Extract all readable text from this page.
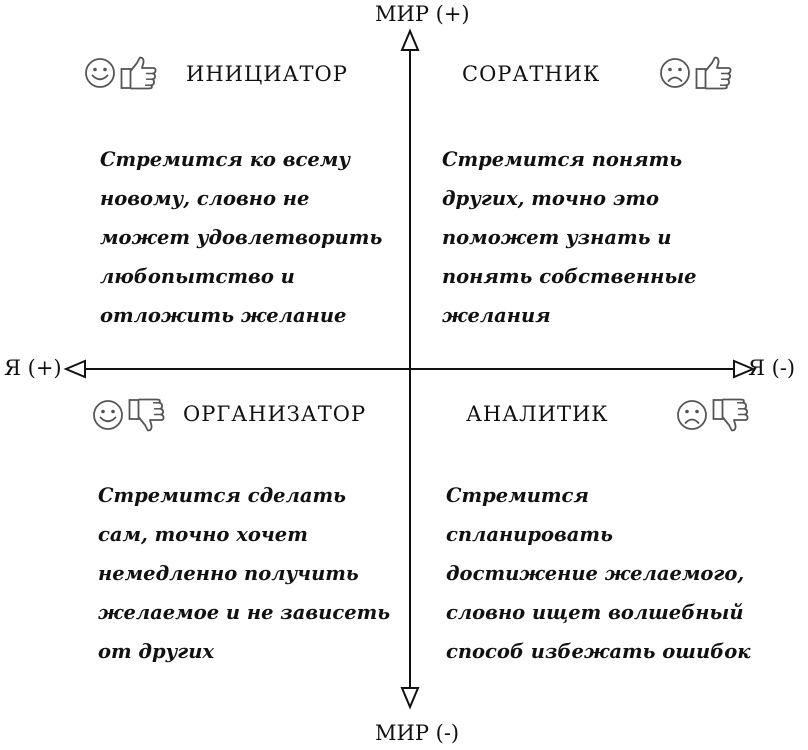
МИР (+)
МИР (-)
Я (+)	Я (-)
ИНИЦИАТОР

Стремится ко всему
новому, словно не
может удовлетворить
любопытство и
отложить желание

СОРАТНИК

Стремится понять
других, точно это
поможет узнать и
понять собственные
желания

ОРГАНИЗАТОР

Стремится сделать
сам, точно хочет
немедленно получить
желаемое и не зависеть
от других

АНАЛИТИК

Стремится
спланировать
достижение желаемого,
словно ищет волшебный
способ избежать ошибок
